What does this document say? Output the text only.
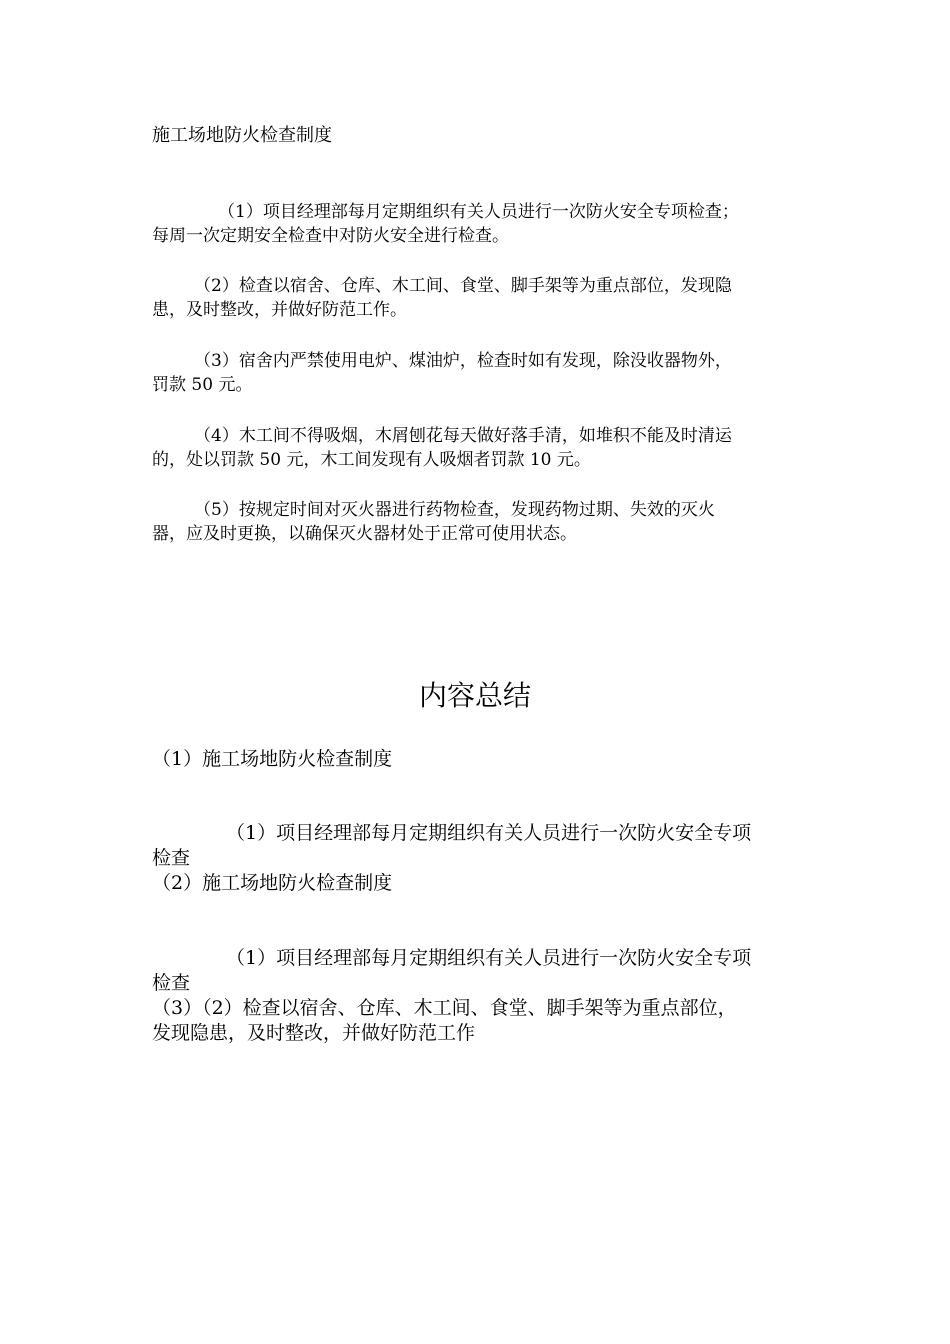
施工场地防火检查制度
（1）项目经理部每月定期组织有关人员进行一次防火安全专项检查；
每周一次定期安全检查中对防火安全进行检查。
（2）检查以宿舍、仓库、木工间、食堂、脚手架等为重点部位，发现隐
患，及时整改，并做好防范工作。
（3）宿舍内严禁使用电炉、煤油炉，检查时如有发现，除没收器物外，
罚款 50 元。
（4）木工间不得吸烟，木屑刨花每天做好落手清，如堆积不能及时清运
的，处以罚款 50 元，木工间发现有人吸烟者罚款 10 元。
（5）按规定时间对灭火器进行药物检查，发现药物过期、失效的灭火
器，应及时更换，以确保灭火器材处于正常可使用状态。
内容总结
（1）施工场地防火检查制度
（1）项目经理部每月定期组织有关人员进行一次防火安全专项
检查
（2）施工场地防火检查制度
（1）项目经理部每月定期组织有关人员进行一次防火安全专项
检查
（3）（2）检查以宿舍、仓库、木工间、食堂、脚手架等为重点部位，
发现隐患，及时整改，并做好防范工作
